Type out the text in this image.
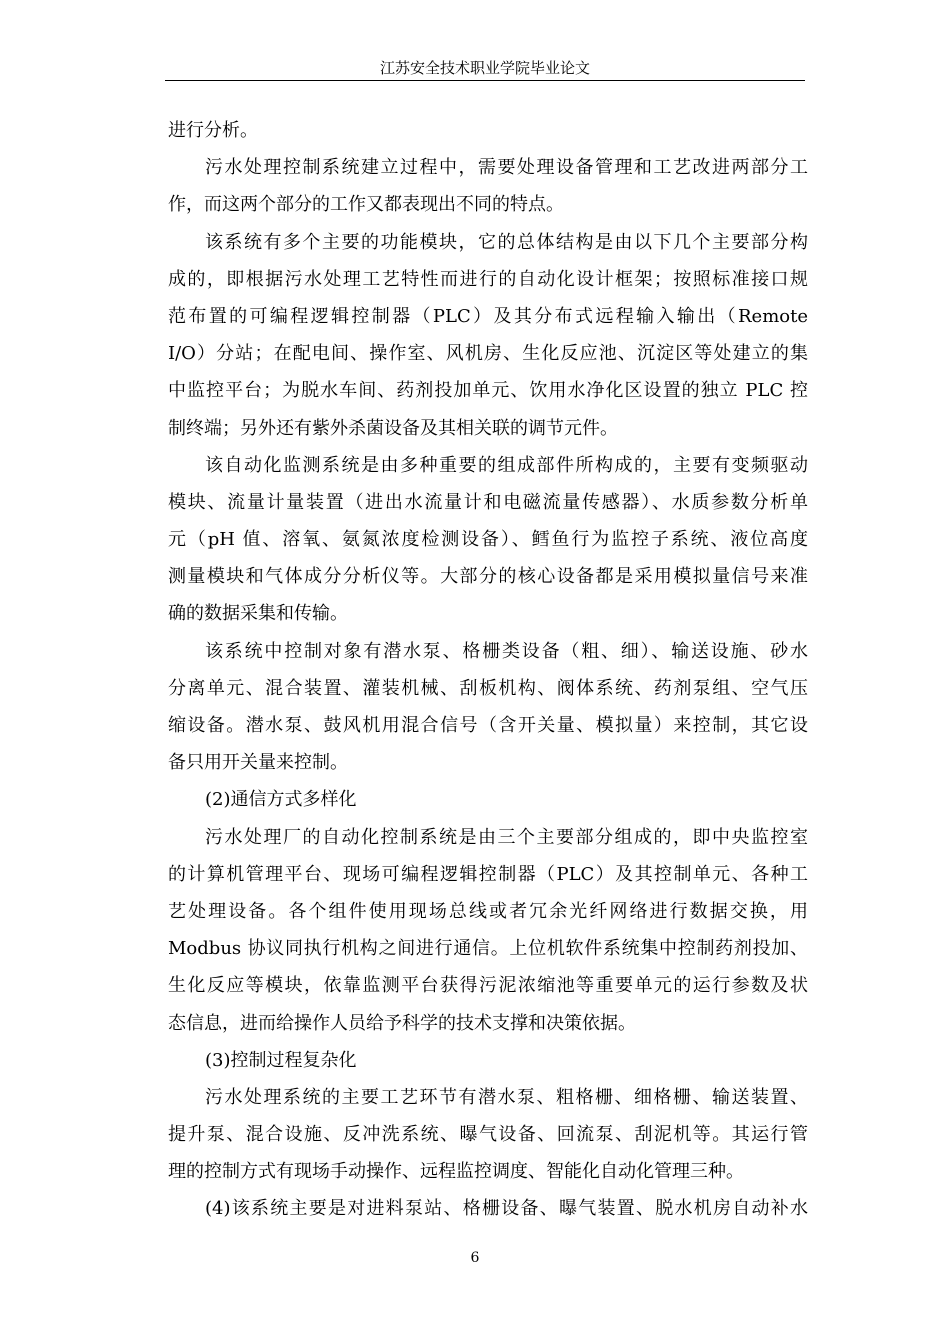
江苏安全技术职业学院毕业论文
进行分析。
污水处理控制系统建立过程中，需要处理设备管理和工艺改进两部分工
作，而这两个部分的工作又都表现出不同的特点。
该系统有多个主要的功能模块，它的总体结构是由以下几个主要部分构
成的，即根据污水处理工艺特性而进行的自动化设计框架；按照标准接口规
范布置的可编程逻辑控制器（PLC）及其分布式远程输入输出（Remote
I/O）分站；在配电间、操作室、风机房、生化反应池、沉淀区等处建立的集
中监控平台；为脱水车间、药剂投加单元、饮用水净化区设置的独立 PLC 控
制终端；另外还有紫外杀菌设备及其相关联的调节元件。
该自动化监测系统是由多种重要的组成部件所构成的，主要有变频驱动
模块、流量计量装置（进出水流量计和电磁流量传感器）、水质参数分析单
元（pH 值、溶氧、氨氮浓度检测设备）、鳕鱼行为监控子系统、液位高度
测量模块和气体成分分析仪等。大部分的核心设备都是采用模拟量信号来准
确的数据采集和传输。
该系统中控制对象有潜水泵、格栅类设备（粗、细）、输送设施、砂水
分离单元、混合装置、灌装机械、刮板机构、阀体系统、药剂泵组、空气压
缩设备。潜水泵、鼓风机用混合信号（含开关量、模拟量）来控制，其它设
备只用开关量来控制。
(2)通信方式多样化
污水处理厂的自动化控制系统是由三个主要部分组成的，即中央监控室
的计算机管理平台、现场可编程逻辑控制器（PLC）及其控制单元、各种工
艺处理设备。各个组件使用现场总线或者冗余光纤网络进行数据交换，用
Modbus 协议同执行机构之间进行通信。上位机软件系统集中控制药剂投加、
生化反应等模块，依靠监测平台获得污泥浓缩池等重要单元的运行参数及状
态信息，进而给操作人员给予科学的技术支撑和决策依据。
(3)控制过程复杂化
污水处理系统的主要工艺环节有潜水泵、粗格栅、细格栅、输送装置、
提升泵、混合设施、反冲洗系统、曝气设备、回流泵、刮泥机等。其运行管
理的控制方式有现场手动操作、远程监控调度、智能化自动化管理三种。
(4)该系统主要是对进料泵站、格栅设备、曝气装置、脱水机房自动补水
6
